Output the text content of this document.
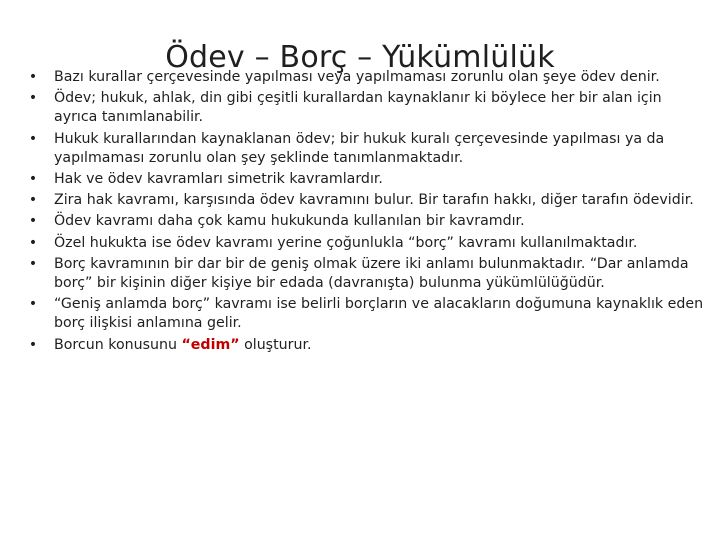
Ödev – Borç – Yükümlülük
• Bazı kurallar çerçevesinde yapılması veya yapılmaması zorunlu olan şeye ödev denir.
• Ödev; hukuk, ahlak, din gibi çeşitli kurallardan kaynaklanır ki böylece her bir alan için ayrıca tanımlanabilir.
• Hukuk kurallarından kaynaklanan ödev; bir hukuk kuralı çerçevesinde yapılması ya da yapılmaması zorunlu olan şey şeklinde tanımlanmaktadır.
• Hak ve ödev kavramları simetrik kavramlardır.
• Zira hak kavramı, karşısında ödev kavramını bulur. Bir tarafın hakkı, diğer tarafın ödevidir.
• Ödev kavramı daha çok kamu hukukunda kullanılan bir kavramdır.
• Özel hukukta ise ödev kavramı yerine çoğunlukla “borç” kavramı kullanılmaktadır.
• Borç kavramının bir dar bir de geniş olmak üzere iki anlamı bulunmaktadır. “Dar anlamda borç” bir kişinin diğer kişiye bir edada (davranışta) bulunma yükümlülüğüdür.
• “Geniş anlamda borç” kavramı ise belirli borçların ve alacakların doğumuna kaynaklık eden borç ilişkisi anlamına gelir.
• Borcun konusunu “edim” oluşturur.
